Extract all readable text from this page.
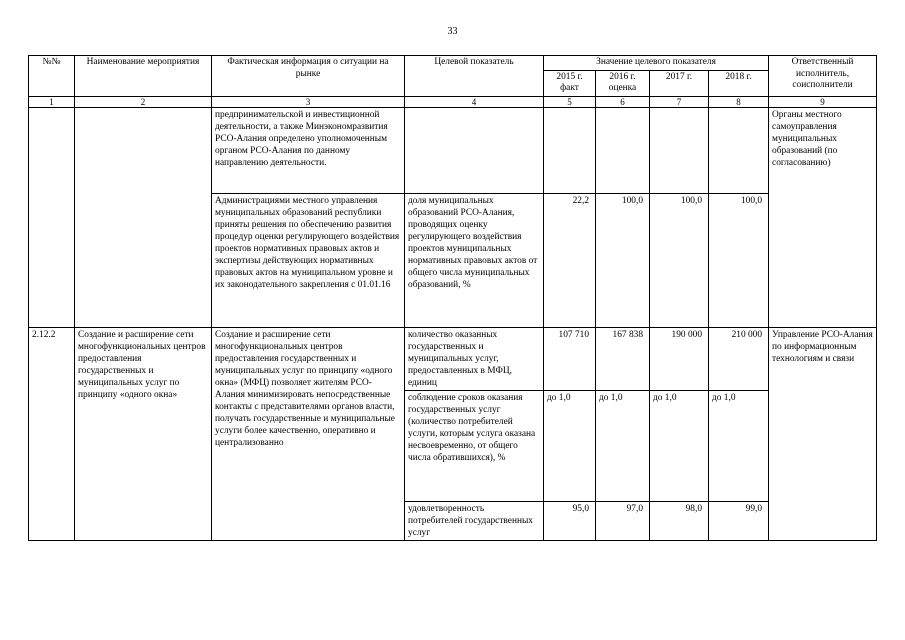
33
№№	Наименование мероприятия	Фактическая информация о ситуации на рынке	Целевой показатель	Значение целевого показателя				Ответственный исполнитель, соисполнители
				2015 г. факт	2016 г. оценка	2017 г.	2018 г.	
1	2	3	4	5	6	7	8	9
		предпринимательской и инвестиционной деятельности, а также Минэкономразвития РСО-Алания определено уполномоченным органом РСО-Алания по данному направлению деятельности.						Органы местного самоуправления муниципальных образований (по согласованию)
		Администрациями местного управления муниципальных образований республики приняты решения по обеспечению развития процедур оценки регулирующего воздействия проектов нормативных правовых актов и экспертизы действующих нормативных правовых актов на муниципальном уровне и их законодательного закрепления с 01.01.16	доля муниципальных образований РСО-Алания, проводящих оценку регулирующего воздействия проектов муниципальных нормативных правовых актов от общего числа муниципальных образований, %	22,2	100,0	100,0	100,0	
2.12.2	Создание и расширение сети многофункциональных центров предоставления государственных и муниципальных услуг по принципу «одного окна»	Создание и расширение сети многофункциональных центров предоставления государственных и муниципальных услуг по принципу «одного окна» (МФЦ) позволяет жителям РСО-Алания минимизировать непосредственные контакты с представителями органов власти, получать государственные и муниципальные услуги более качественно, оперативно и централизованно	количество оказанных государственных и муниципальных услуг, предоставленных в МФЦ, единиц	107 710	167 838	190 000	210 000	Управление РСО-Алания по информационным технологиям и связи
			соблюдение сроков оказания государственных услуг (количество потребителей услуги, которым услуга оказана несвоевременно, от общего числа обратившихся), %	до 1,0	до 1,0	до 1,0	до 1,0	
			удовлетворенность потребителей государственных услуг	95,0	97,0	98,0	99,0	
